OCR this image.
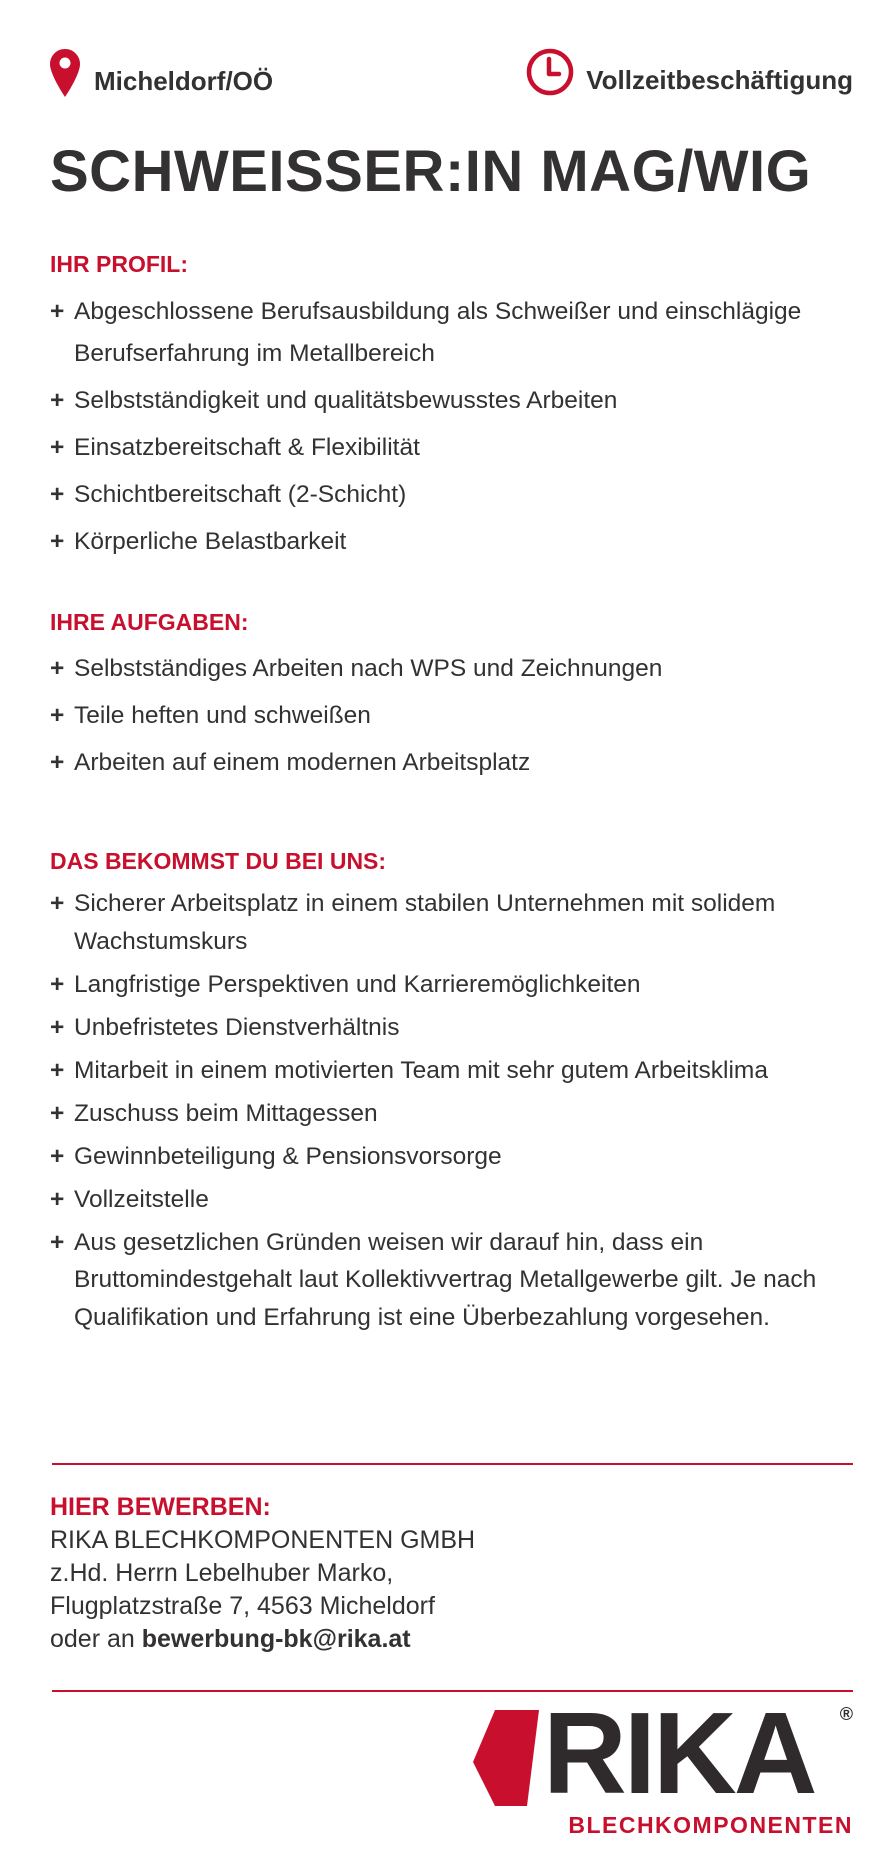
Micheldorf/OÖ	Vollzeitbeschäftigung
SCHWEISSER:IN MAG/WIG
IHR PROFIL:
+ Abgeschlossene Berufsausbildung als Schweißer und einschlägige Berufserfahrung im Metallbereich
+ Selbstständigkeit und qualitätsbewusstes Arbeiten
+ Einsatzbereitschaft & Flexibilität
+ Schichtbereitschaft (2-Schicht)
+ Körperliche Belastbarkeit
IHRE AUFGABEN:
+ Selbstständiges Arbeiten nach WPS und Zeichnungen
+ Teile heften und schweißen
+ Arbeiten auf einem modernen Arbeitsplatz
DAS BEKOMMST DU BEI UNS:
+ Sicherer Arbeitsplatz in einem stabilen Unternehmen mit solidem Wachstumskurs
+ Langfristige Perspektiven und Karrieremöglichkeiten
+ Unbefristetes Dienstverhältnis
+ Mitarbeit in einem motivierten Team mit sehr gutem Arbeitsklima
+ Zuschuss beim Mittagessen
+ Gewinnbeteiligung & Pensionsvorsorge
+ Vollzeitstelle
+ Aus gesetzlichen Gründen weisen wir darauf hin, dass ein Bruttomindestgehalt laut Kollektivvertrag Metallgewerbe gilt. Je nach Qualifikation und Erfahrung ist eine Überbezahlung vorgesehen.
HIER BEWERBEN:
RIKA BLECHKOMPONENTEN GMBH
z.Hd. Herrn Lebelhuber Marko,
Flugplatzstraße 7, 4563 Micheldorf
oder an bewerbung-bk@rika.at
RIKA ®
BLECHKOMPONENTEN
